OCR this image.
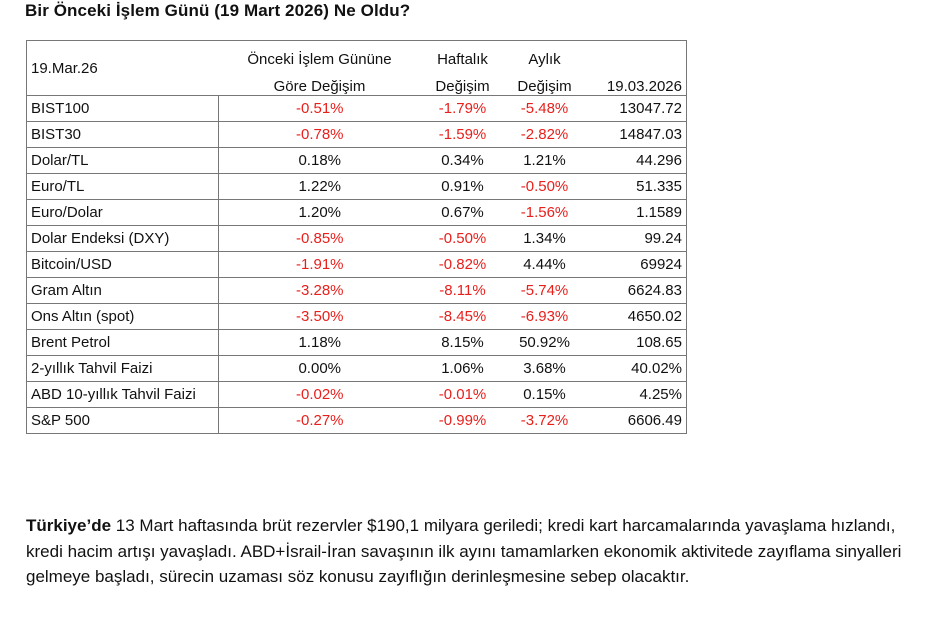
Bir Önceki İşlem Günü (19 Mart 2026) Ne Oldu?
19.Mar.26	Önceki İşlem Gününe	Haftalık	Aylık	
	Göre Değişim	Değişim	Değişim	19.03.2026
BIST100	-0.51%	-1.79%	-5.48%	13047.72
BIST30	-0.78%	-1.59%	-2.82%	14847.03
Dolar/TL	0.18%	0.34%	1.21%	44.296
Euro/TL	1.22%	0.91%	-0.50%	51.335
Euro/Dolar	1.20%	0.67%	-1.56%	1.1589
Dolar Endeksi (DXY)	-0.85%	-0.50%	1.34%	99.24
Bitcoin/USD	-1.91%	-0.82%	4.44%	69924
Gram Altın	-3.28%	-8.11%	-5.74%	6624.83
Ons Altın (spot)	-3.50%	-8.45%	-6.93%	4650.02
Brent Petrol	1.18%	8.15%	50.92%	108.65
2-yıllık Tahvil Faizi	0.00%	1.06%	3.68%	40.02%
ABD 10-yıllık Tahvil Faizi	-0.02%	-0.01%	0.15%	4.25%
S&P 500	-0.27%	-0.99%	-3.72%	6606.49
Türkiye’de 13 Mart haftasında brüt rezervler $190,1 milyara geriledi; kredi kart harcamalarında yavaşlama hızlandı, kredi hacim artışı yavaşladı. ABD+İsrail-İran savaşının ilk ayını tamamlarken ekonomik aktivitede zayıflama sinyalleri gelmeye başladı, sürecin uzaması söz konusu zayıflığın derinleşmesine sebep olacaktır.
